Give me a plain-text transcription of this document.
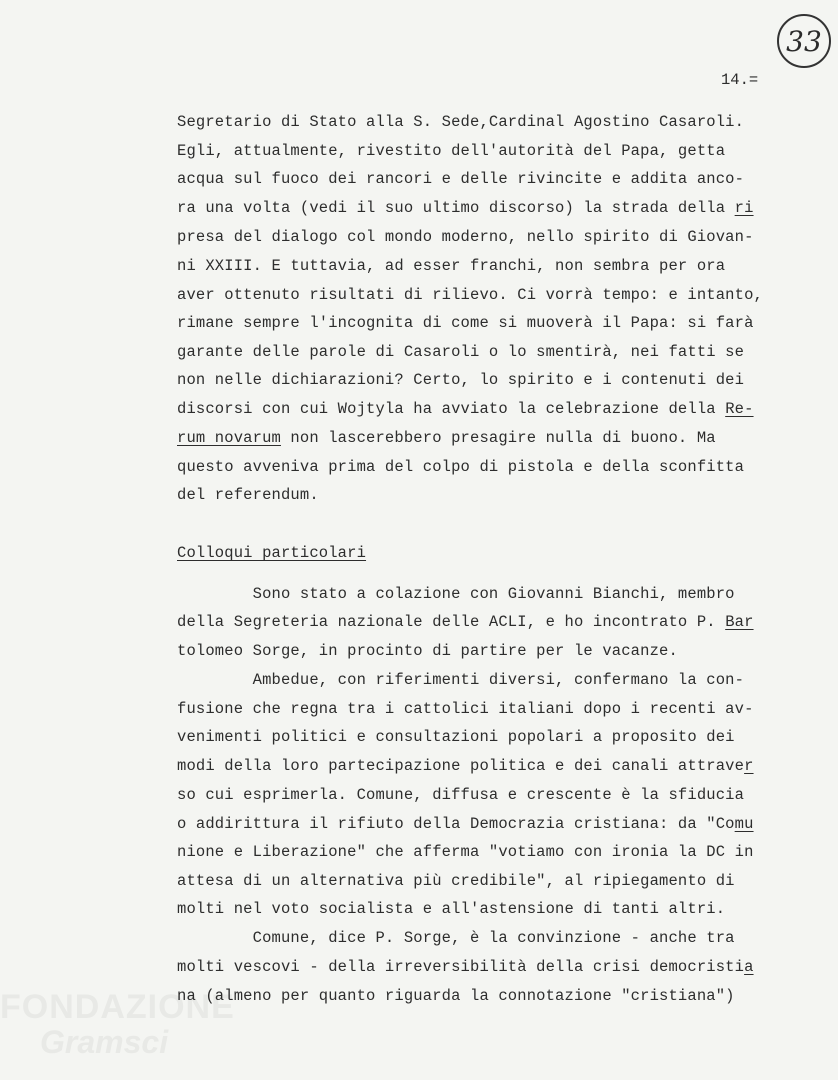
FONDAZIONE
Gramsci
33
14.=
Segretario di Stato alla S. Sede,Cardinal Agostino Casaroli.
Egli, attualmente, rivestito dell'autorità del Papa, getta
acqua sul fuoco dei rancori e delle rivincite e addita anco-
ra una volta (vedi il suo ultimo discorso) la strada della ri
presa del dialogo col mondo moderno, nello spirito di Giovan-
ni XXIII. E tuttavia, ad esser franchi, non sembra per ora
aver ottenuto risultati di rilievo. Ci vorrà tempo: e intanto,
rimane sempre l'incognita di come si muoverà il Papa: si farà
garante delle parole di Casaroli o lo smentirà, nei fatti se
non nelle dichiarazioni? Certo, lo spirito e i contenuti dei
discorsi con cui Wojtyla ha avviato la celebrazione della Re-
rum novarum non lascerebbero presagire nulla di buono. Ma
questo avveniva prima del colpo di pistola e della sconfitta
del referendum.
Colloqui particolari
Sono stato a colazione con Giovanni Bianchi, membro
della Segreteria nazionale delle ACLI, e ho incontrato P. Bar
tolomeo Sorge, in procinto di partire per le vacanze.
Ambedue, con riferimenti diversi, confermano la con-
fusione che regna tra i cattolici italiani dopo i recenti av-
venimenti politici e consultazioni popolari a proposito dei
modi della loro partecipazione politica e dei canali attraver
so cui esprimerla. Comune, diffusa e crescente è la sfiducia
o addirittura il rifiuto della Democrazia cristiana: da "Comu
nione e Liberazione" che afferma "votiamo con ironia la DC in
attesa di un alternativa più credibile", al ripiegamento di
molti nel voto socialista e all'astensione di tanti altri.
Comune, dice P. Sorge, è la convinzione - anche tra
molti vescovi - della irreversibilità della crisi democristia
na (almeno per quanto riguarda la connotazione "cristiana")
